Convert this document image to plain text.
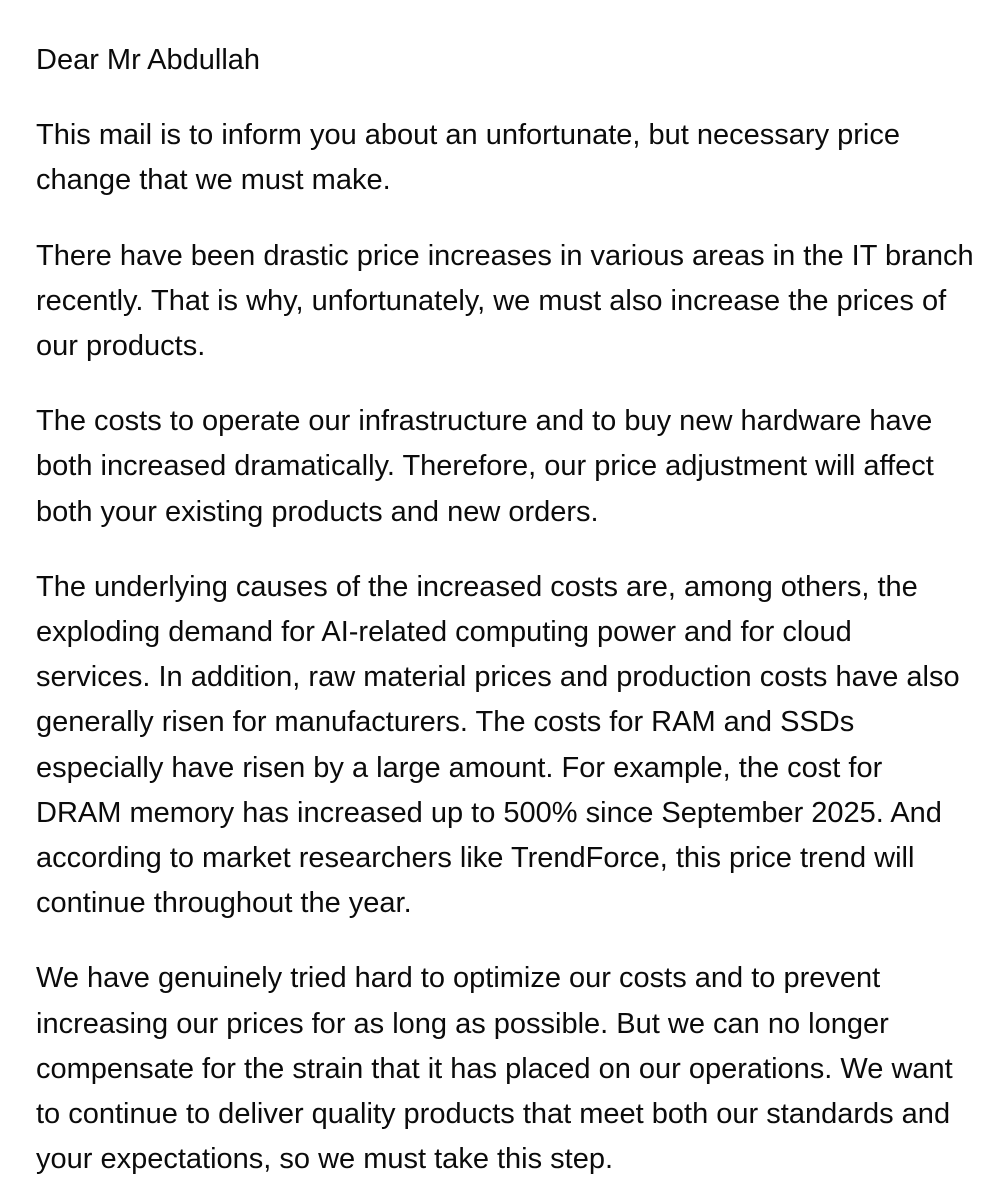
Dear Mr Abdullah

This mail is to inform you about an unfortunate, but necessary price change that we must make.

There have been drastic price increases in various areas in the IT branch recently. That is why, unfortunately, we must also increase the prices of our products.

The costs to operate our infrastructure and to buy new hardware have both increased dramatically. Therefore, our price adjustment will affect both your existing products and new orders.

The underlying causes of the increased costs are, among others, the exploding demand for AI-related computing power and for cloud services. In addition, raw material prices and production costs have also generally risen for manufacturers. The costs for RAM and SSDs especially have risen by a large amount. For example, the cost for DRAM memory has increased up to 500% since September 2025. And according to market researchers like TrendForce, this price trend will continue throughout the year.

We have genuinely tried hard to optimize our costs and to prevent increasing our prices for as long as possible. But we can no longer compensate for the strain that it has placed on our operations. We want to continue to deliver quality products that meet both our standards and your expectations, so we must take this step.
